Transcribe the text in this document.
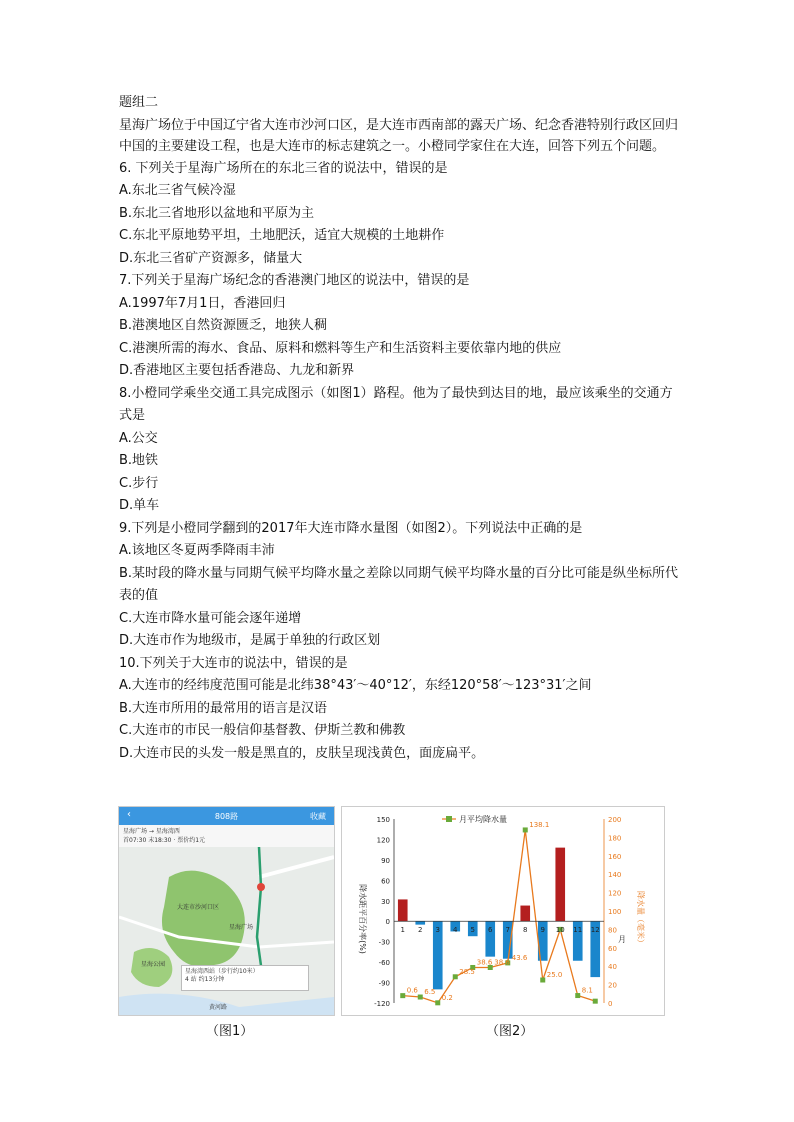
题组二

星海广场位于中国辽宁省大连市沙河口区，是大连市西南部的露天广场、纪念香港特别行政区回归中国的主要建设工程，也是大连市的标志建筑之一。小橙同学家住在大连，回答下列五个问题。

6. 下列关于星海广场所在的东北三省的说法中，错误的是

A.东北三省气候冷湿

B.东北三省地形以盆地和平原为主

C.东北平原地势平坦，土地肥沃，适宜大规模的土地耕作

D.东北三省矿产资源多，储量大

7.下列关于星海广场纪念的香港澳门地区的说法中，错误的是

A.1997年7月1日，香港回归

B.港澳地区自然资源匮乏，地狭人稠

C.港澳所需的海水、食品、原料和燃料等生产和生活资料主要依靠内地的供应

D.香港地区主要包括香港岛、九龙和新界

8.小橙同学乘坐交通工具完成图示（如图1）路程。他为了最快到达目的地，最应该乘坐的交通方式是

A.公交

B.地铁

C.步行

D.单车

9.下列是小橙同学翻到的2017年大连市降水量图（如图2）。下列说法中正确的是

A.该地区冬夏两季降雨丰沛

B.某时段的降水量与同期气候平均降水量之差除以同期气候平均降水量的百分比可能是纵坐标所代表的值

C.大连市降水量可能会逐年递增

D.大连市作为地级市，是属于单独的行政区划

10.下列关于大连市的说法中，错误的是

A.大连市的经纬度范围可能是北纬38°43′～40°12′，东经120°58′～123°31′之间

B.大连市所用的最常用的语言是汉语

C.大连市的市民一般信仰基督教、伊斯兰教和佛教

D.大连市民的头发一般是黑直的，皮肤呈现浅黄色，面庞扁平。

‹	808路	收藏
星海广场 → 星海湾西
首07:30 末18:30 · 票价约1元
大连市沙河口区
星海公园
星海广场
黄河路
星海湾西站（步行约10米）
4 站 约13分钟
0.6 6.5
0.2
28.5
38.6 38.6
43.6
138.1
25.0
8.1
-120
-90
-60
-30
0
30
60
90
120
150
0
20
40
60
80
100
120
140
160
180
200
1 2 3 4 5 6 7 8 9 10 11 12
降水距平百分率(%)	降水量（毫米）
月
月平均降水量
（图1）	（图2）
